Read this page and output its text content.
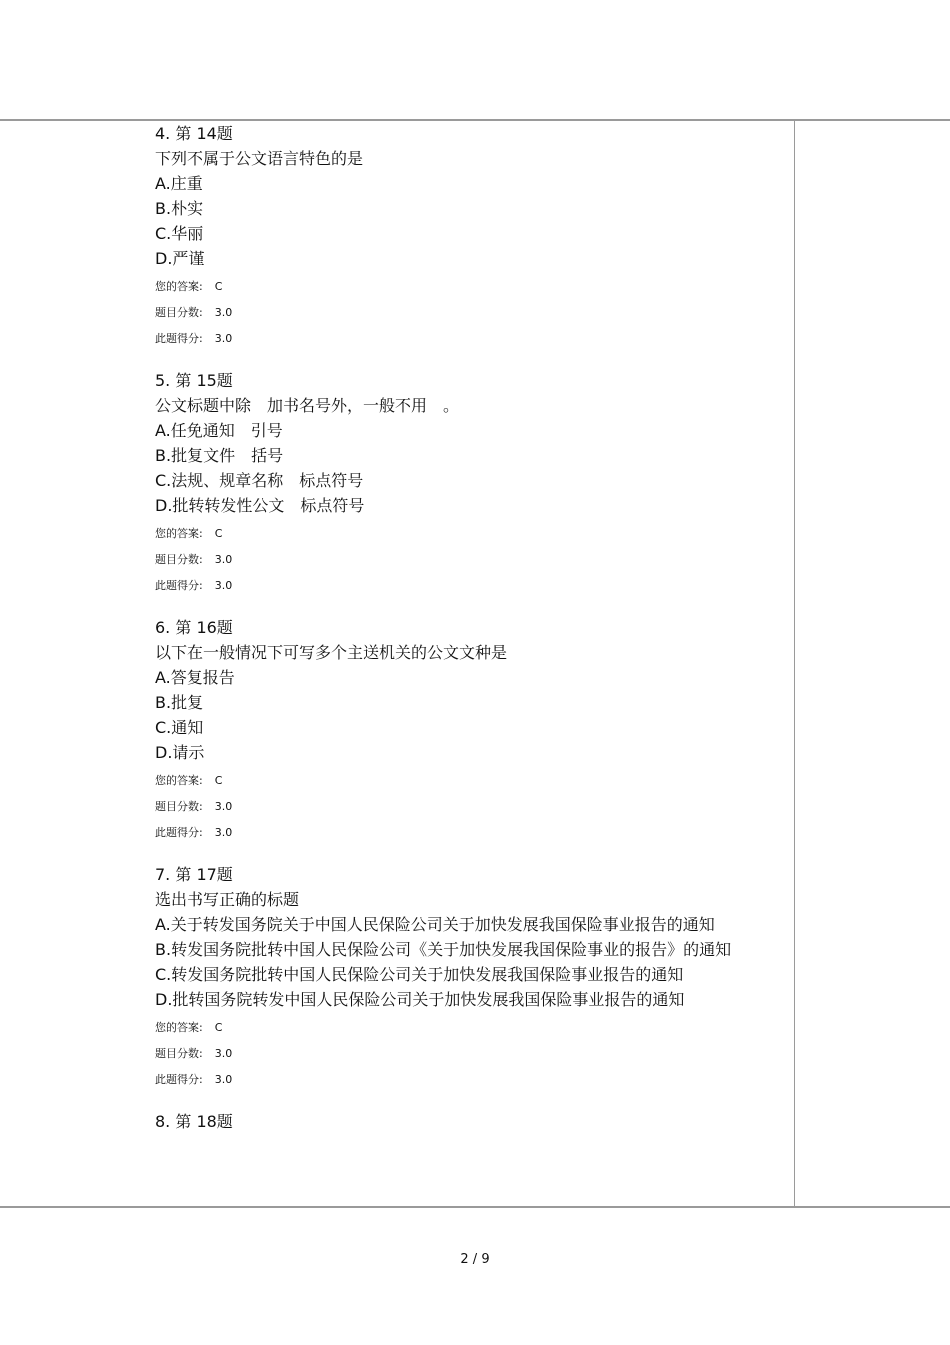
4. 第 14题
下列不属于公文语言特色的是
A.庄重
B.朴实
C.华丽
D.严谨
您的答案: C
题目分数: 3.0
此题得分: 3.0
5. 第 15题
公文标题中除　加书名号外，一般不用　。
A.任免通知　引号
B.批复文件　括号
C.法规、规章名称　标点符号
D.批转转发性公文　标点符号
您的答案: C
题目分数: 3.0
此题得分: 3.0
6. 第 16题
以下在一般情况下可写多个主送机关的公文文种是
A.答复报告
B.批复
C.通知
D.请示
您的答案: C
题目分数: 3.0
此题得分: 3.0
7. 第 17题
选出书写正确的标题
A.关于转发国务院关于中国人民保险公司关于加快发展我国保险事业报告的通知
B.转发国务院批转中国人民保险公司《关于加快发展我国保险事业的报告》的通知
C.转发国务院批转中国人民保险公司关于加快发展我国保险事业报告的通知
D.批转国务院转发中国人民保险公司关于加快发展我国保险事业报告的通知
您的答案: C
题目分数: 3.0
此题得分: 3.0
8. 第 18题
2 / 9
